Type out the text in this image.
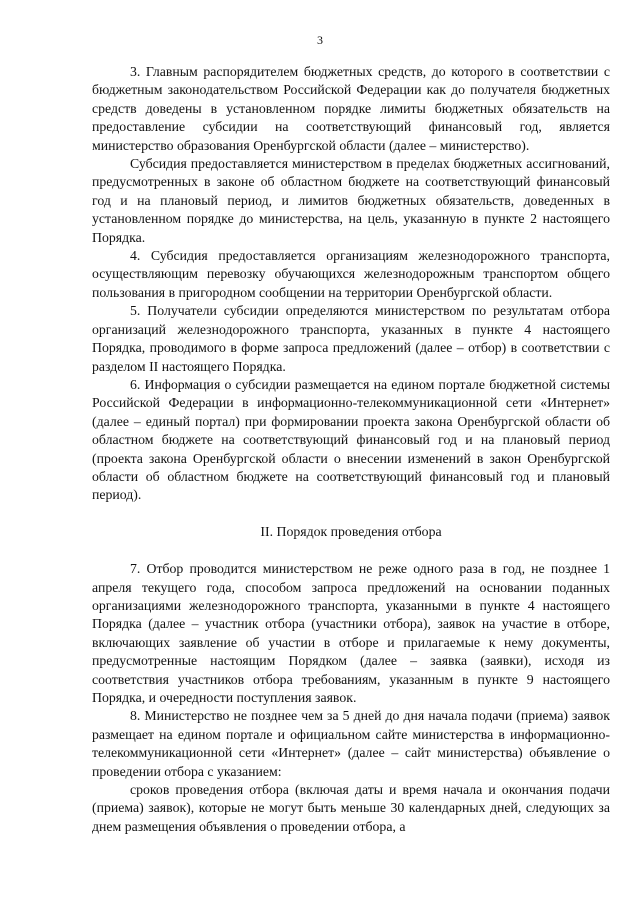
3

3. Главным распорядителем бюджетных средств, до которого в соответствии с бюджетным законодательством Российской Федерации как до получателя бюджетных средств доведены в установленном порядке лимиты бюджетных обязательств на предоставление субсидии на соответствующий финансовый год, является министерство образования Оренбургской области (далее – министерство).

Субсидия предоставляется министерством в пределах бюджетных ассигнований, предусмотренных в законе об областном бюджете на соответствующий финансовый год и на плановый период, и лимитов бюджетных обязательств, доведенных в установленном порядке до министерства, на цель, указанную в пункте 2 настоящего Порядка.

4. Субсидия предоставляется организациям железнодорожного транспорта, осуществляющим перевозку обучающихся железнодорожным транспортом общего пользования в пригородном сообщении на территории Оренбургской области.

5. Получатели субсидии определяются министерством по результатам отбора организаций железнодорожного транспорта, указанных в пункте 4 настоящего Порядка, проводимого в форме запроса предложений (далее – отбор) в соответствии с разделом II настоящего Порядка.

6. Информация о субсидии размещается на едином портале бюджетной системы Российской Федерации в информационно-телекоммуникационной сети «Интернет» (далее – единый портал) при формировании проекта закона Оренбургской области об областном бюджете на соответствующий финансовый год и на плановый период (проекта закона Оренбургской области о внесении изменений в закон Оренбургской области об областном бюджете на соответствующий финансовый год и плановый период).

II. Порядок проведения отбора

7. Отбор проводится министерством не реже одного раза в год, не позднее 1 апреля текущего года, способом запроса предложений на основании поданных организациями железнодорожного транспорта, указанными в пункте 4 настоящего Порядка (далее – участник отбора (участники отбора), заявок на участие в отборе, включающих заявление об участии в отборе и прилагаемые к нему документы, предусмотренные настоящим Порядком (далее – заявка (заявки), исходя из соответствия участников отбора требованиям, указанным в пункте 9 настоящего Порядка, и очередности поступления заявок.

8. Министерство не позднее чем за 5 дней до дня начала подачи (приема) заявок размещает на едином портале и официальном сайте министерства в информационно-телекоммуникационной сети «Интернет» (далее – сайт министерства) объявление о проведении отбора с указанием:

сроков проведения отбора (включая даты и время начала и окончания подачи (приема) заявок), которые не могут быть меньше 30 календарных дней, следующих за днем размещения объявления о проведении отбора, а
